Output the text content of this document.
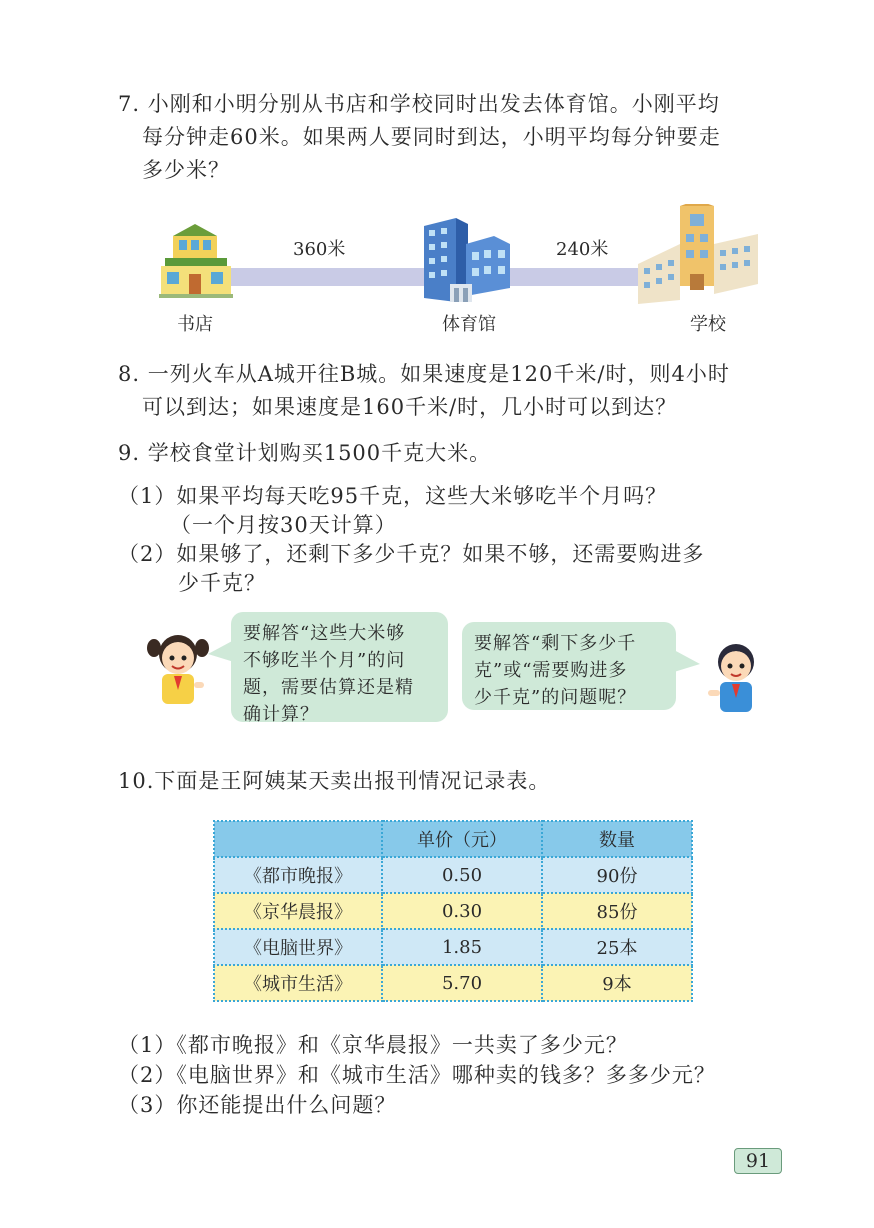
7. 小刚和小明分别从书店和学校同时出发去体育馆。小刚平均
每分钟走60米。如果两人要同时到达，小明平均每分钟要走
多少米？
360米	240米
书店	体育馆	学校
8. 一列火车从A城开往B城。如果速度是120千米/时，则4小时
可以到达；如果速度是160千米/时，几小时可以到达？
9. 学校食堂计划购买1500千克大米。
（1）如果平均每天吃95千克，这些大米够吃半个月吗？
（一个月按30天计算）
（2）如果够了，还剩下多少千克？如果不够，还需要购进多
少千克？
要解答“这些大米够
不够吃半个月”的问
题，需要估算还是精
确计算？
要解答“剩下多少千
克”或“需要购进多
少千克”的问题呢？
10.下面是王阿姨某天卖出报刊情况记录表。
	单价（元）	数量
《都市晚报》	0.50	90份
《京华晨报》	0.30	85份
《电脑世界》	1.85	25本
《城市生活》	5.70	9本
（1）《都市晚报》和《京华晨报》一共卖了多少元？
（2）《电脑世界》和《城市生活》哪种卖的钱多？多多少元？
（3）你还能提出什么问题？
91
